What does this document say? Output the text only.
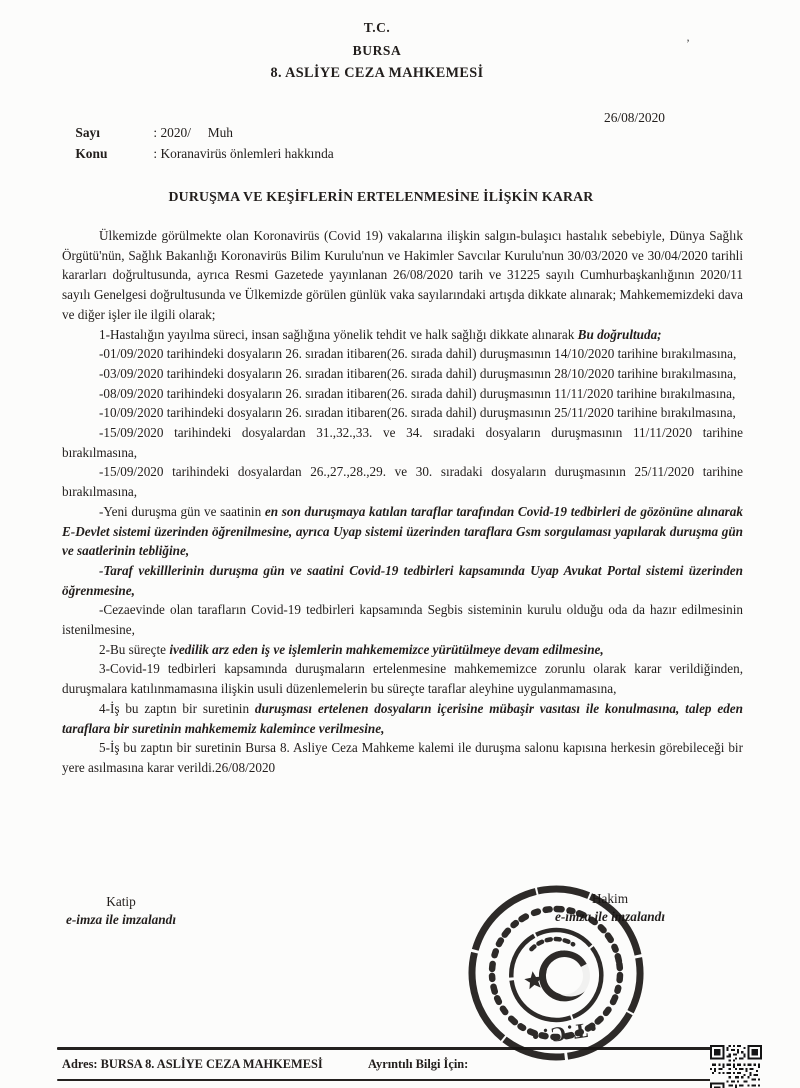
T.C.
BURSA
8. ASLİYE CEZA MAHKEMESİ
’

Sayı	: 2020/     Muh

26/08/2020

Konu	: Koranavirüs önlemleri hakkında

DURUŞMA VE KEŞİFLERİN ERTELENMESİNE İLİŞKİN KARAR

Ülkemizde görülmekte olan Koronavirüs (Covid 19) vakalarına ilişkin salgın-bulaşıcı hastalık sebebiyle, Dünya Sağlık Örgütü'nün, Sağlık Bakanlığı Koronavirüs Bilim Kurulu'nun ve Hakimler Savcılar Kurulu'nun 30/03/2020 ve 30/04/2020 tarihli kararları doğrultusunda, ayrıca Resmi Gazetede yayınlanan 26/08/2020 tarih ve 31225 sayılı Cumhurbaşkanlığının 2020/11 sayılı Genelgesi doğrultusunda ve Ülkemizde görülen günlük vaka sayılarındaki artışda dikkate alınarak; Mahkememizdeki dava ve diğer işler ile ilgili olarak;

1-Hastalığın yayılma süreci, insan sağlığına yönelik tehdit ve halk sağlığı dikkate alınarak Bu doğrultuda;

-01/09/2020 tarihindeki dosyaların 26. sıradan itibaren(26. sırada dahil) duruşmasının 14/10/2020 tarihine bırakılmasına,

-03/09/2020 tarihindeki dosyaların 26. sıradan itibaren(26. sırada dahil) duruşmasının 28/10/2020 tarihine bırakılmasına,

-08/09/2020 tarihindeki dosyaların 26. sıradan itibaren(26. sırada dahil) duruşmasının 11/11/2020 tarihine bırakılmasına,

-10/09/2020 tarihindeki dosyaların 26. sıradan itibaren(26. sırada dahil) duruşmasının 25/11/2020 tarihine bırakılmasına,

-15/09/2020 tarihindeki dosyalardan 31.,32.,33. ve 34. sıradaki dosyaların duruşmasının 11/11/2020 tarihine bırakılmasına,

-15/09/2020 tarihindeki dosyalardan 26.,27.,28.,29. ve 30. sıradaki dosyaların duruşmasının 25/11/2020 tarihine bırakılmasına,

-Yeni duruşma gün ve saatinin en son duruşmaya katılan taraflar tarafından Covid-19 tedbirleri de gözönüne alınarak E-Devlet sistemi üzerinden öğrenilmesine, ayrıca Uyap sistemi üzerinden taraflara Gsm sorgulaması yapılarak duruşma gün ve saatlerinin tebliğine,

-Taraf vekilllerinin duruşma gün ve saatini Covid-19 tedbirleri kapsamında Uyap Avukat Portal sistemi üzerinden öğrenmesine,

-Cezaevinde olan tarafların Covid-19 tedbirleri kapsamında Segbis sisteminin kurulu olduğu oda da hazır edilmesinin istenilmesine,

2-Bu süreçte ivedilik arz eden iş ve işlemlerin mahkememizce yürütülmeye devam edilmesine,

3-Covid-19 tedbirleri kapsamında duruşmaların ertelenmesine mahkememizce zorunlu olarak karar verildiğinden, duruşmalara katılınmamasına ilişkin usuli düzenlemelerin bu süreçte taraflar aleyhine uygulanmamasına,

4-İş bu zaptın bir suretinin duruşması ertelenen dosyaların içerisine mübaşir vasıtası ile konulmasına, talep eden taraflara bir suretinin mahkememiz kalemince verilmesine,

5-İş bu zaptın bir suretinin Bursa 8. Asliye Ceza Mahkeme kalemi ile duruşma salonu kapısına herkesin görebileceği bir yere asılmasına karar verildi.26/08/2020

Katip
e-imza ile imzalandı
Hakim
e-imza ile imzalandı
T.C.
Adres: BURSA 8. ASLİYE CEZA MAHKEMESİ	Ayrıntılı Bilgi İçin:
